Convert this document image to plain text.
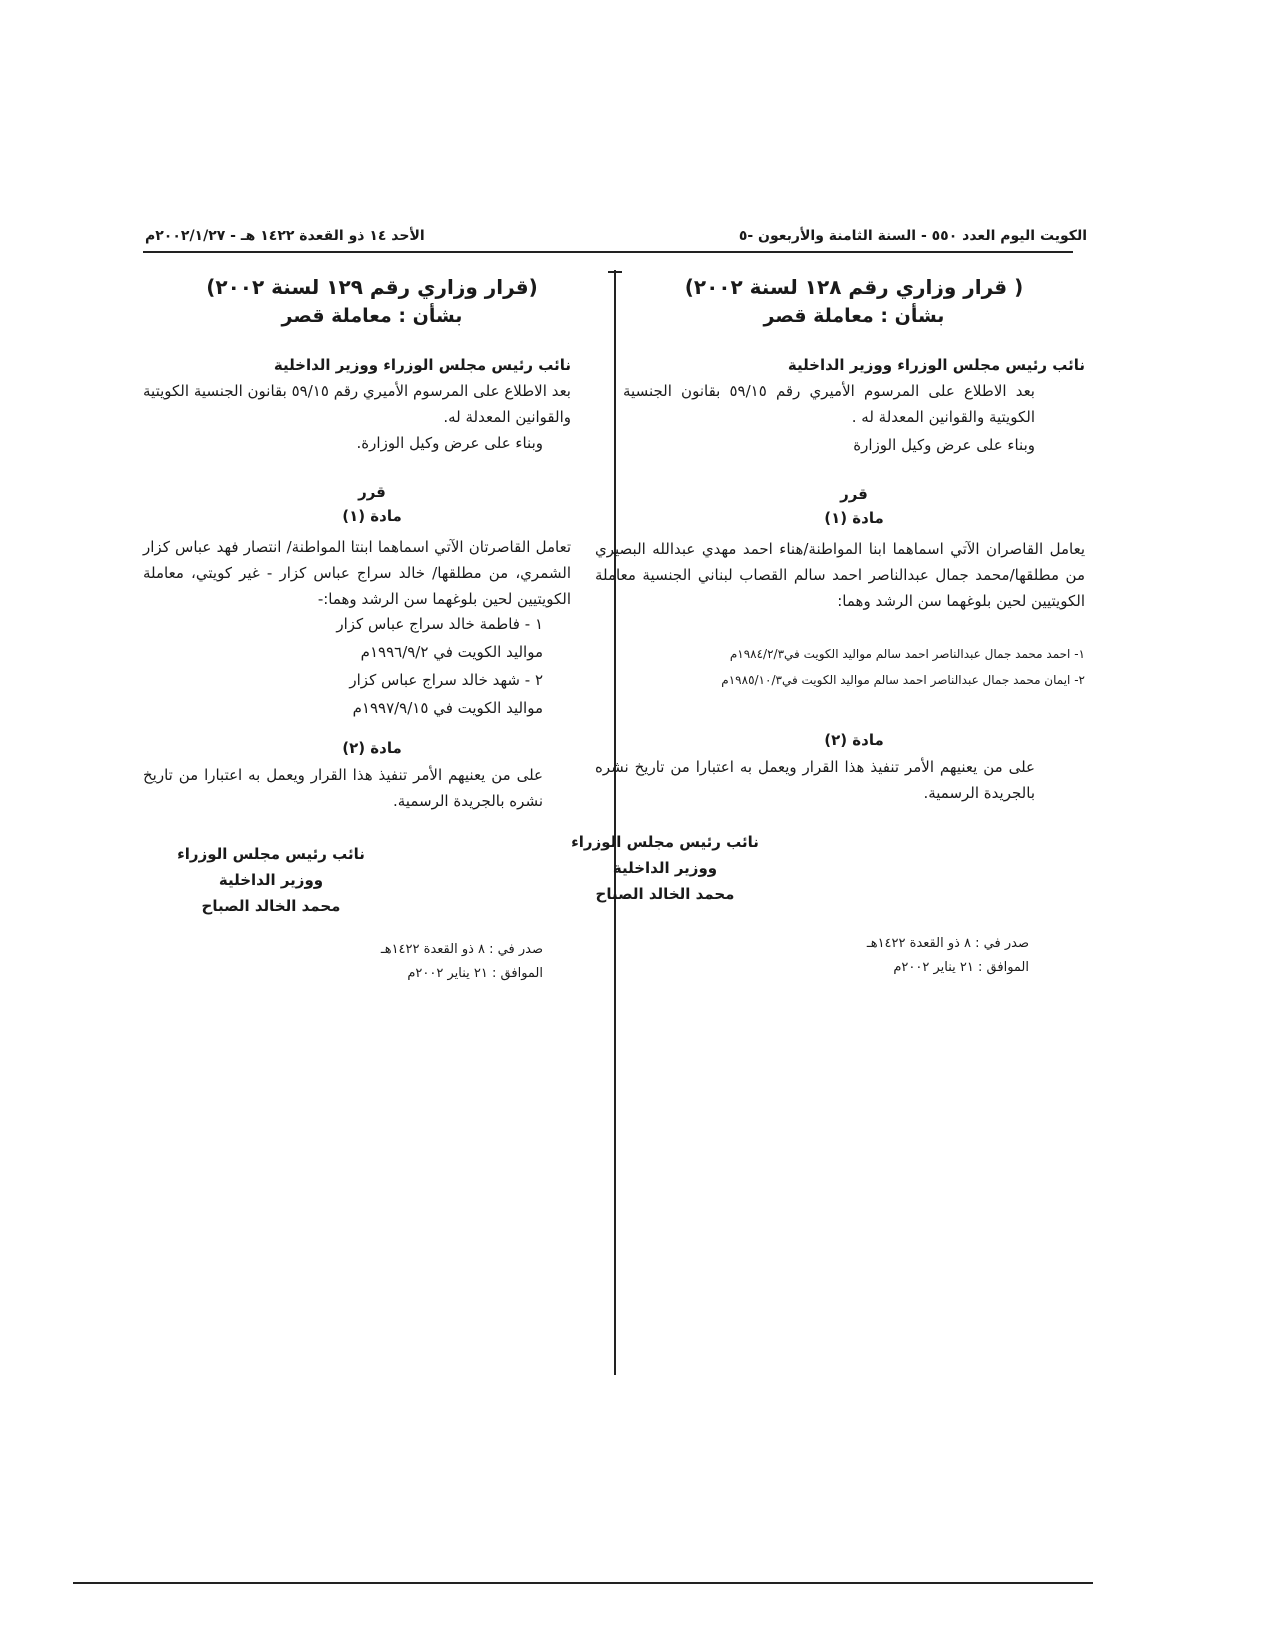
الكويت اليوم العدد ٥٥٠ - السنة الثامنة والأربعون -٥
الأحد ١٤ ذو القعدة ١٤٢٢ هـ - ٢٠٠٢/١/٢٧م
( قرار وزاري رقم ١٢٨ لسنة ٢٠٠٢)
بشأن : معاملة قصر
نائب رئيس مجلس الوزراء ووزير الداخلية
بعد الاطلاع على المرسوم الأميري رقم ٥٩/١٥ بقانون الجنسية الكويتية والقوانين المعدلة له .
وبناء على عرض وكيل الوزارة
قرر
مادة (١)
يعامل القاصران الآتي اسماهما ابنا المواطنة/هناء احمد مهدي عبدالله البصيري من مطلقها/محمد جمال عبدالناصر احمد سالم القصاب لبناني الجنسية معاملة الكويتيين لحين بلوغهما سن الرشد وهما:
١- احمد محمد جمال عبدالناصر احمد سالم مواليد الكويت في١٩٨٤/٢/٣م
٢- ايمان محمد جمال عبدالناصر احمد سالم مواليد الكويت في١٩٨٥/١٠/٣م
مادة (٢)
على من يعنيهم الأمر تنفيذ هذا القرار ويعمل به اعتبارا من تاريخ نشره بالجريدة الرسمية.
نائب رئيس مجلس الوزراء
ووزير الداخلية
محمد الخالد الصباح
صدر في : ٨ ذو القعدة ١٤٢٢هـ
الموافق : ٢١ يناير ٢٠٠٢م
(قرار وزاري رقم ١٢٩ لسنة ٢٠٠٢)
بشأن : معاملة قصر
نائب رئيس مجلس الوزراء ووزير الداخلية
بعد الاطلاع على المرسوم الأميري رقم ٥٩/١٥ بقانون الجنسية الكويتية والقوانين المعدلة له.
وبناء على عرض وكيل الوزارة.
قرر
مادة (١)
تعامل القاصرتان الآتي اسماهما ابنتا المواطنة/ انتصار فهد عباس كزار الشمري، من مطلقها/ خالد سراج عباس كزار - غير كويتي، معاملة الكويتيين لحين بلوغهما سن الرشد وهما:-
١ - فاطمة خالد سراج عباس كزار
مواليد الكويت في ١٩٩٦/٩/٢م
٢ - شهد خالد سراج عباس كزار
مواليد الكويت في ١٩٩٧/٩/١٥م
مادة (٢)
على من يعنيهم الأمر تنفيذ هذا القرار ويعمل به اعتبارا من تاريخ نشره بالجريدة الرسمية.
نائب رئيس مجلس الوزراء
ووزير الداخلية
محمد الخالد الصباح
صدر في : ٨ ذو القعدة ١٤٢٢هـ
الموافق : ٢١ يناير ٢٠٠٢م
